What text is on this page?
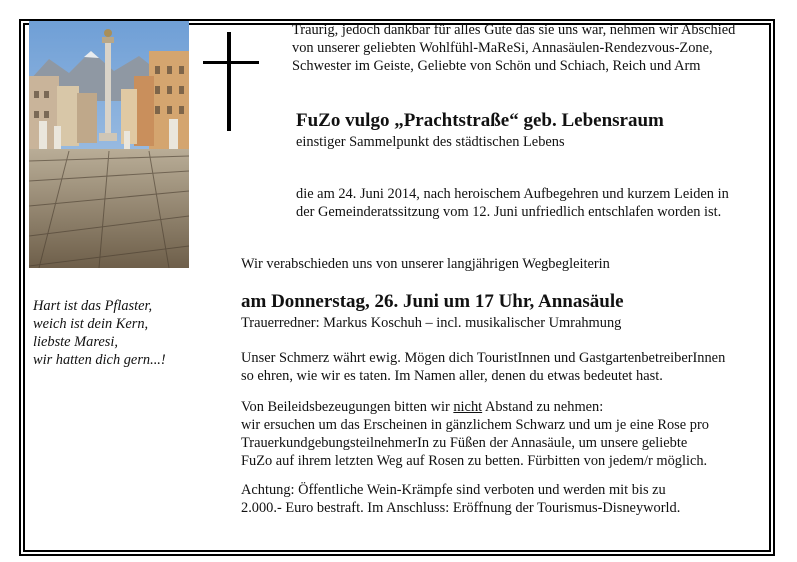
Traurig, jedoch dankbar für alles Gute das sie uns war, nehmen wir Abschied
von unserer geliebten Wohlfühl-MaReSi, Annasäulen-Rendezvous-Zone,
Schwester im Geiste, Geliebte von Schön und Schiach, Reich und Arm
FuZo vulgo „Prachtstraße“ geb. Lebensraum
einstiger Sammelpunkt des städtischen Lebens
die am 24. Juni 2014, nach heroischem Aufbegehren und kurzem Leiden in
der Gemeinderatssitzung vom 12. Juni unfriedlich entschlafen worden ist.
Wir verabschieden uns von unserer langjährigen Wegbegleiterin
am Donnerstag, 26. Juni um 17 Uhr, Annasäule
Trauerredner: Markus Koschuh – incl. musikalischer Umrahmung
Unser Schmerz währt ewig. Mögen dich TouristInnen und GastgartenbetreiberInnen
so ehren, wie wir es taten. Im Namen aller, denen du etwas bedeutet hast.
Von Beileidsbezeugungen bitten wir nicht Abstand zu nehmen:
wir ersuchen um das Erscheinen in gänzlichem Schwarz und um je eine Rose pro
TrauerkundgebungsteilnehmerIn zu Füßen der Annasäule, um unsere geliebte
FuZo auf ihrem letzten Weg auf Rosen zu betten. Fürbitten von jedem/r möglich.
Achtung: Öffentliche Wein-Krämpfe sind verboten und werden mit bis zu
2.000.- Euro bestraft. Im Anschluss: Eröffnung der Tourismus-Disneyworld.
Hart ist das Pflaster,
weich ist dein Kern,
liebste Maresi,
wir hatten dich gern...!
